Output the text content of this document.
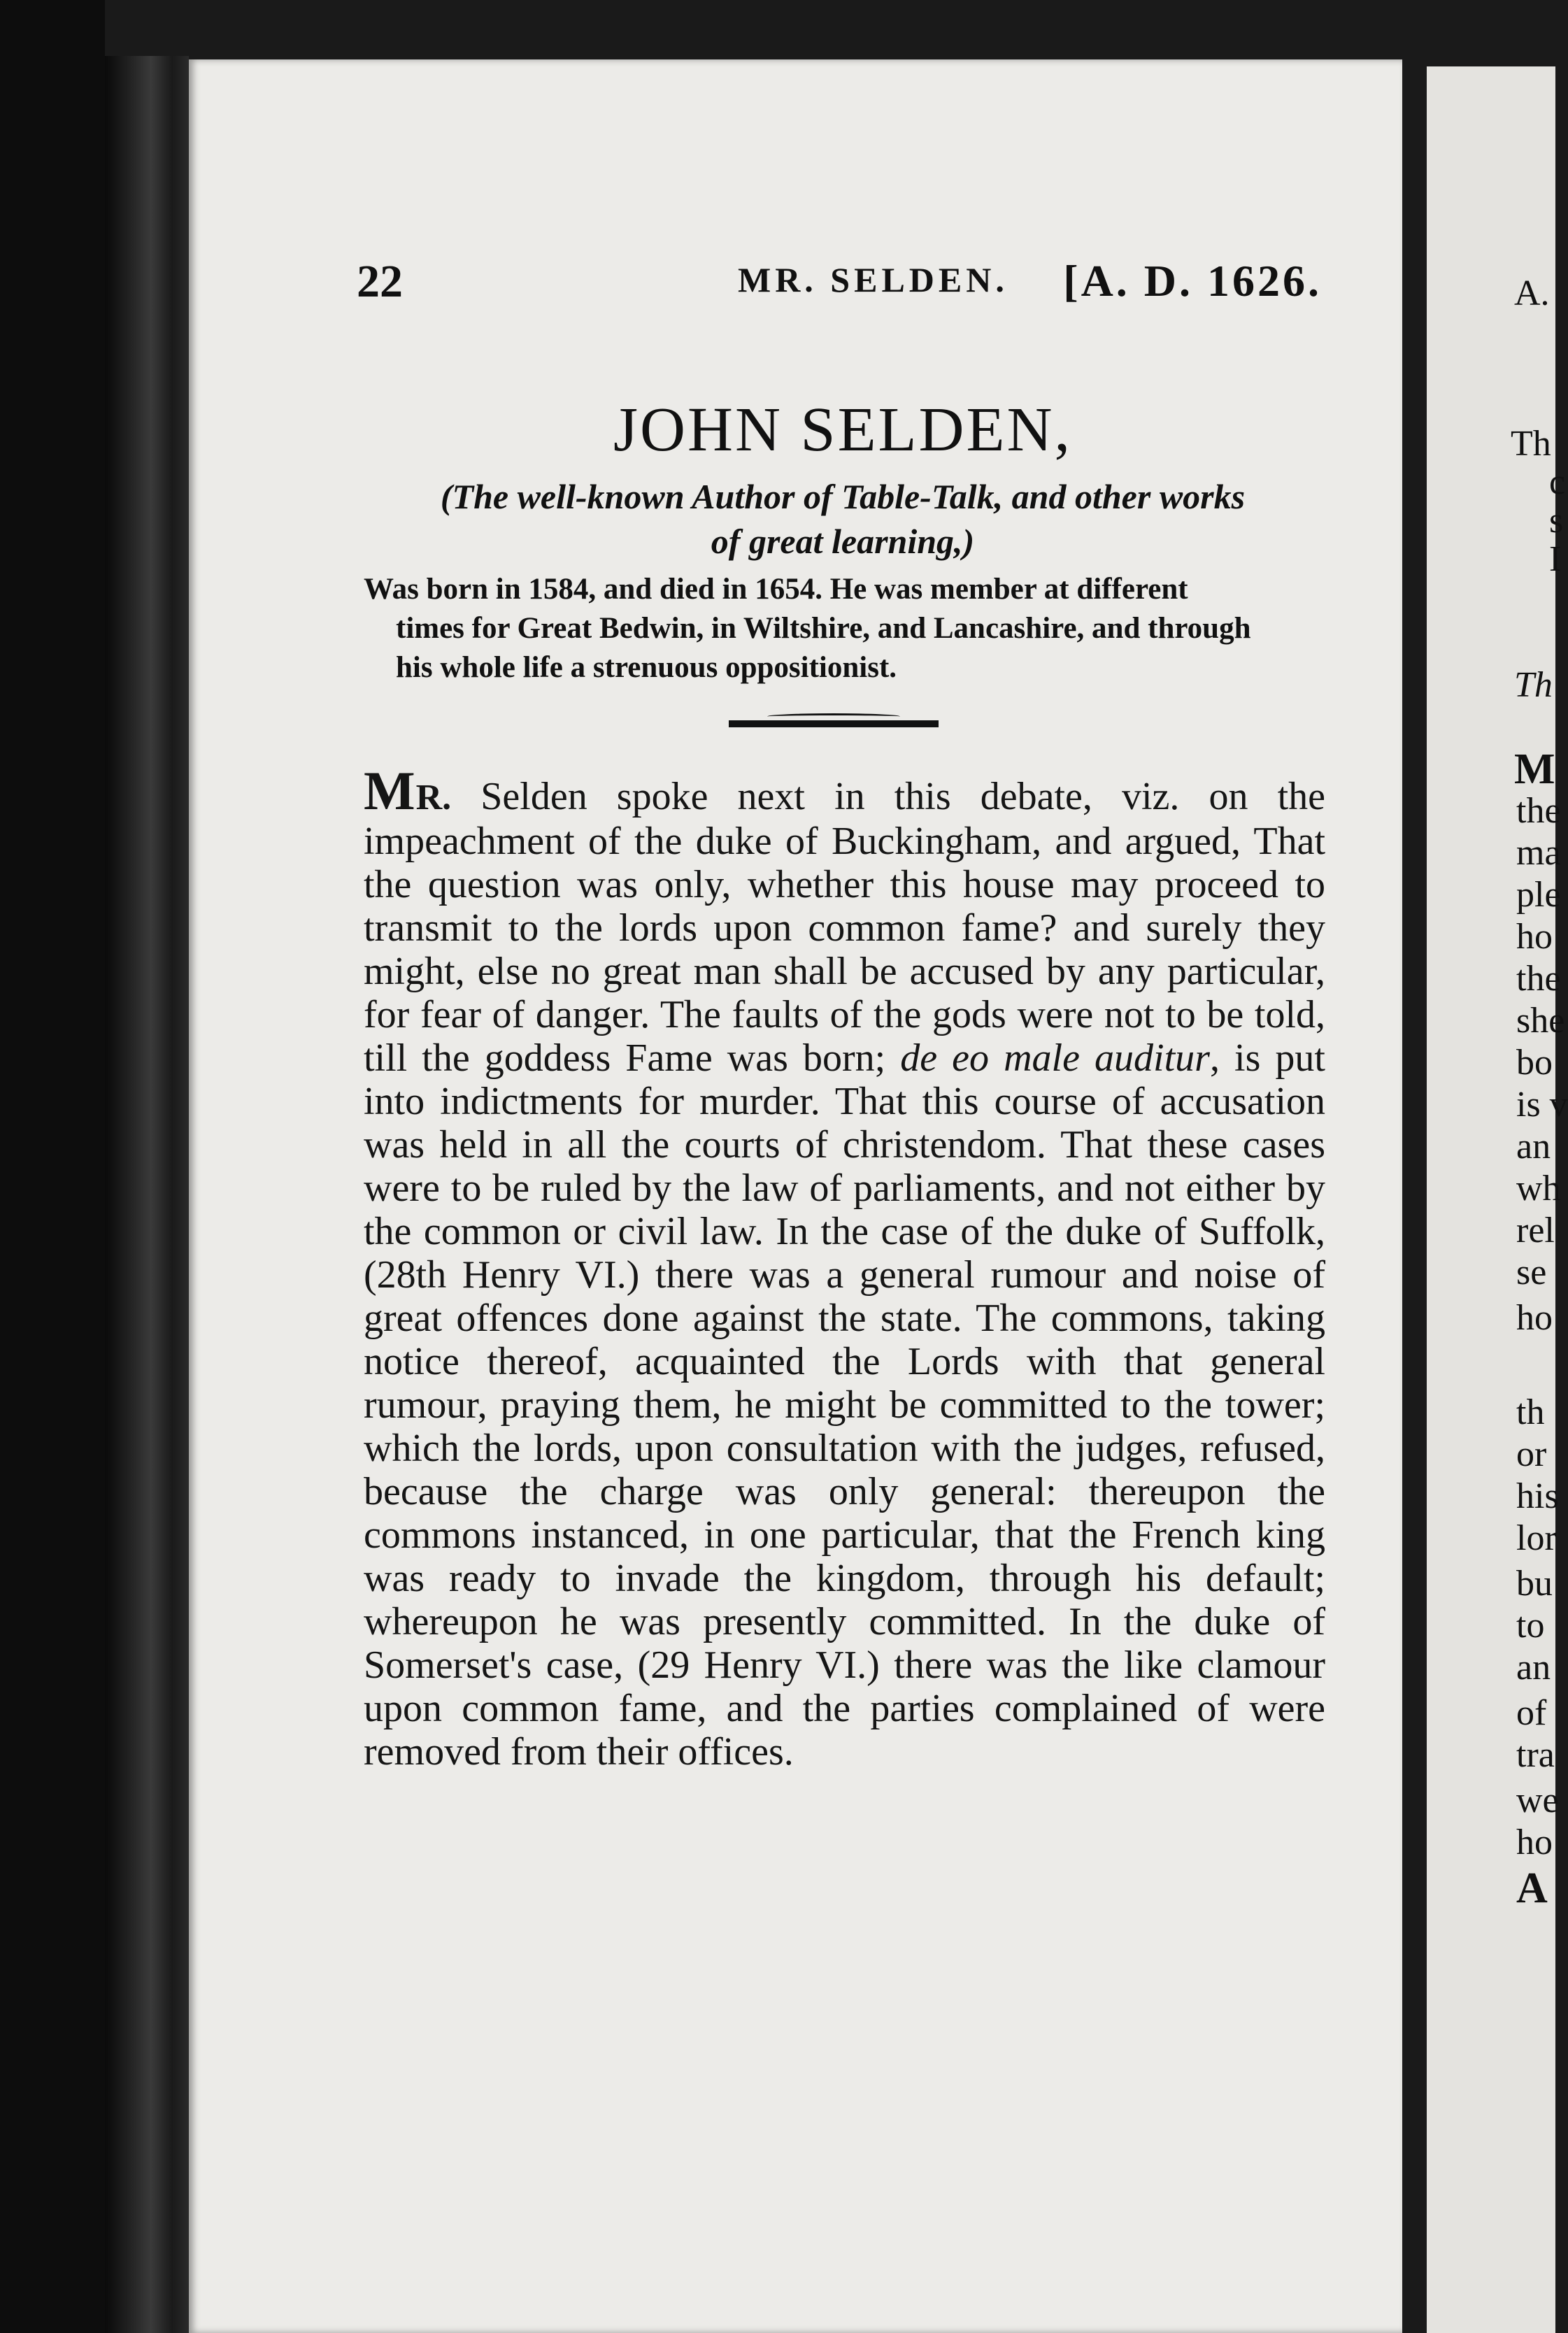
22	MR. SELDEN. [A. D. 1626.
JOHN SELDEN,
(The well-known Author of Table-Talk, and other works
of great learning,)
Was born in 1584, and died in 1654. He was member at different
times for Great Bedwin, in Wiltshire, and Lancashire, and through
his whole life a strenuous oppositionist.
MR. Selden spoke next in this debate, viz. on the impeachment of the duke of Buckingham, and argued, That the question was only, whether this house may proceed to transmit to the lords upon common fame? and surely they might, else no great man shall be accused by any particular, for fear of danger. The faults of the gods were not to be told, till the goddess Fame was born; de eo male auditur, is put into indictments for murder. That this course of accusation was held in all the courts of christendom. That these cases were to be ruled by the law of parliaments, and not either by the common or civil law. In the case of the duke of Suffolk, (28th Henry VI.) there was a general rumour and noise of great offences done against the state. The commons, taking notice thereof, acquainted the Lords with that general rumour, praying them, he might be committed to the tower; which the lords, upon consultation with the judges, refused, because the charge was only general: thereupon the commons instanced, in one particular, that the French king was ready to invade the kingdom, through his default; whereupon he was presently committed. In the duke of Somerset's case, (29 Henry VI.) there was the like clamour upon common fame, and the parties complained of were removed from their offices.
A.
Th
c
s
I
Th
M
the
ma
ple
ho
the
she
bo
is v
an
wh
rel
se
ho
th
or
his
lor
bu
to
an
of
tra
we
ho
A
